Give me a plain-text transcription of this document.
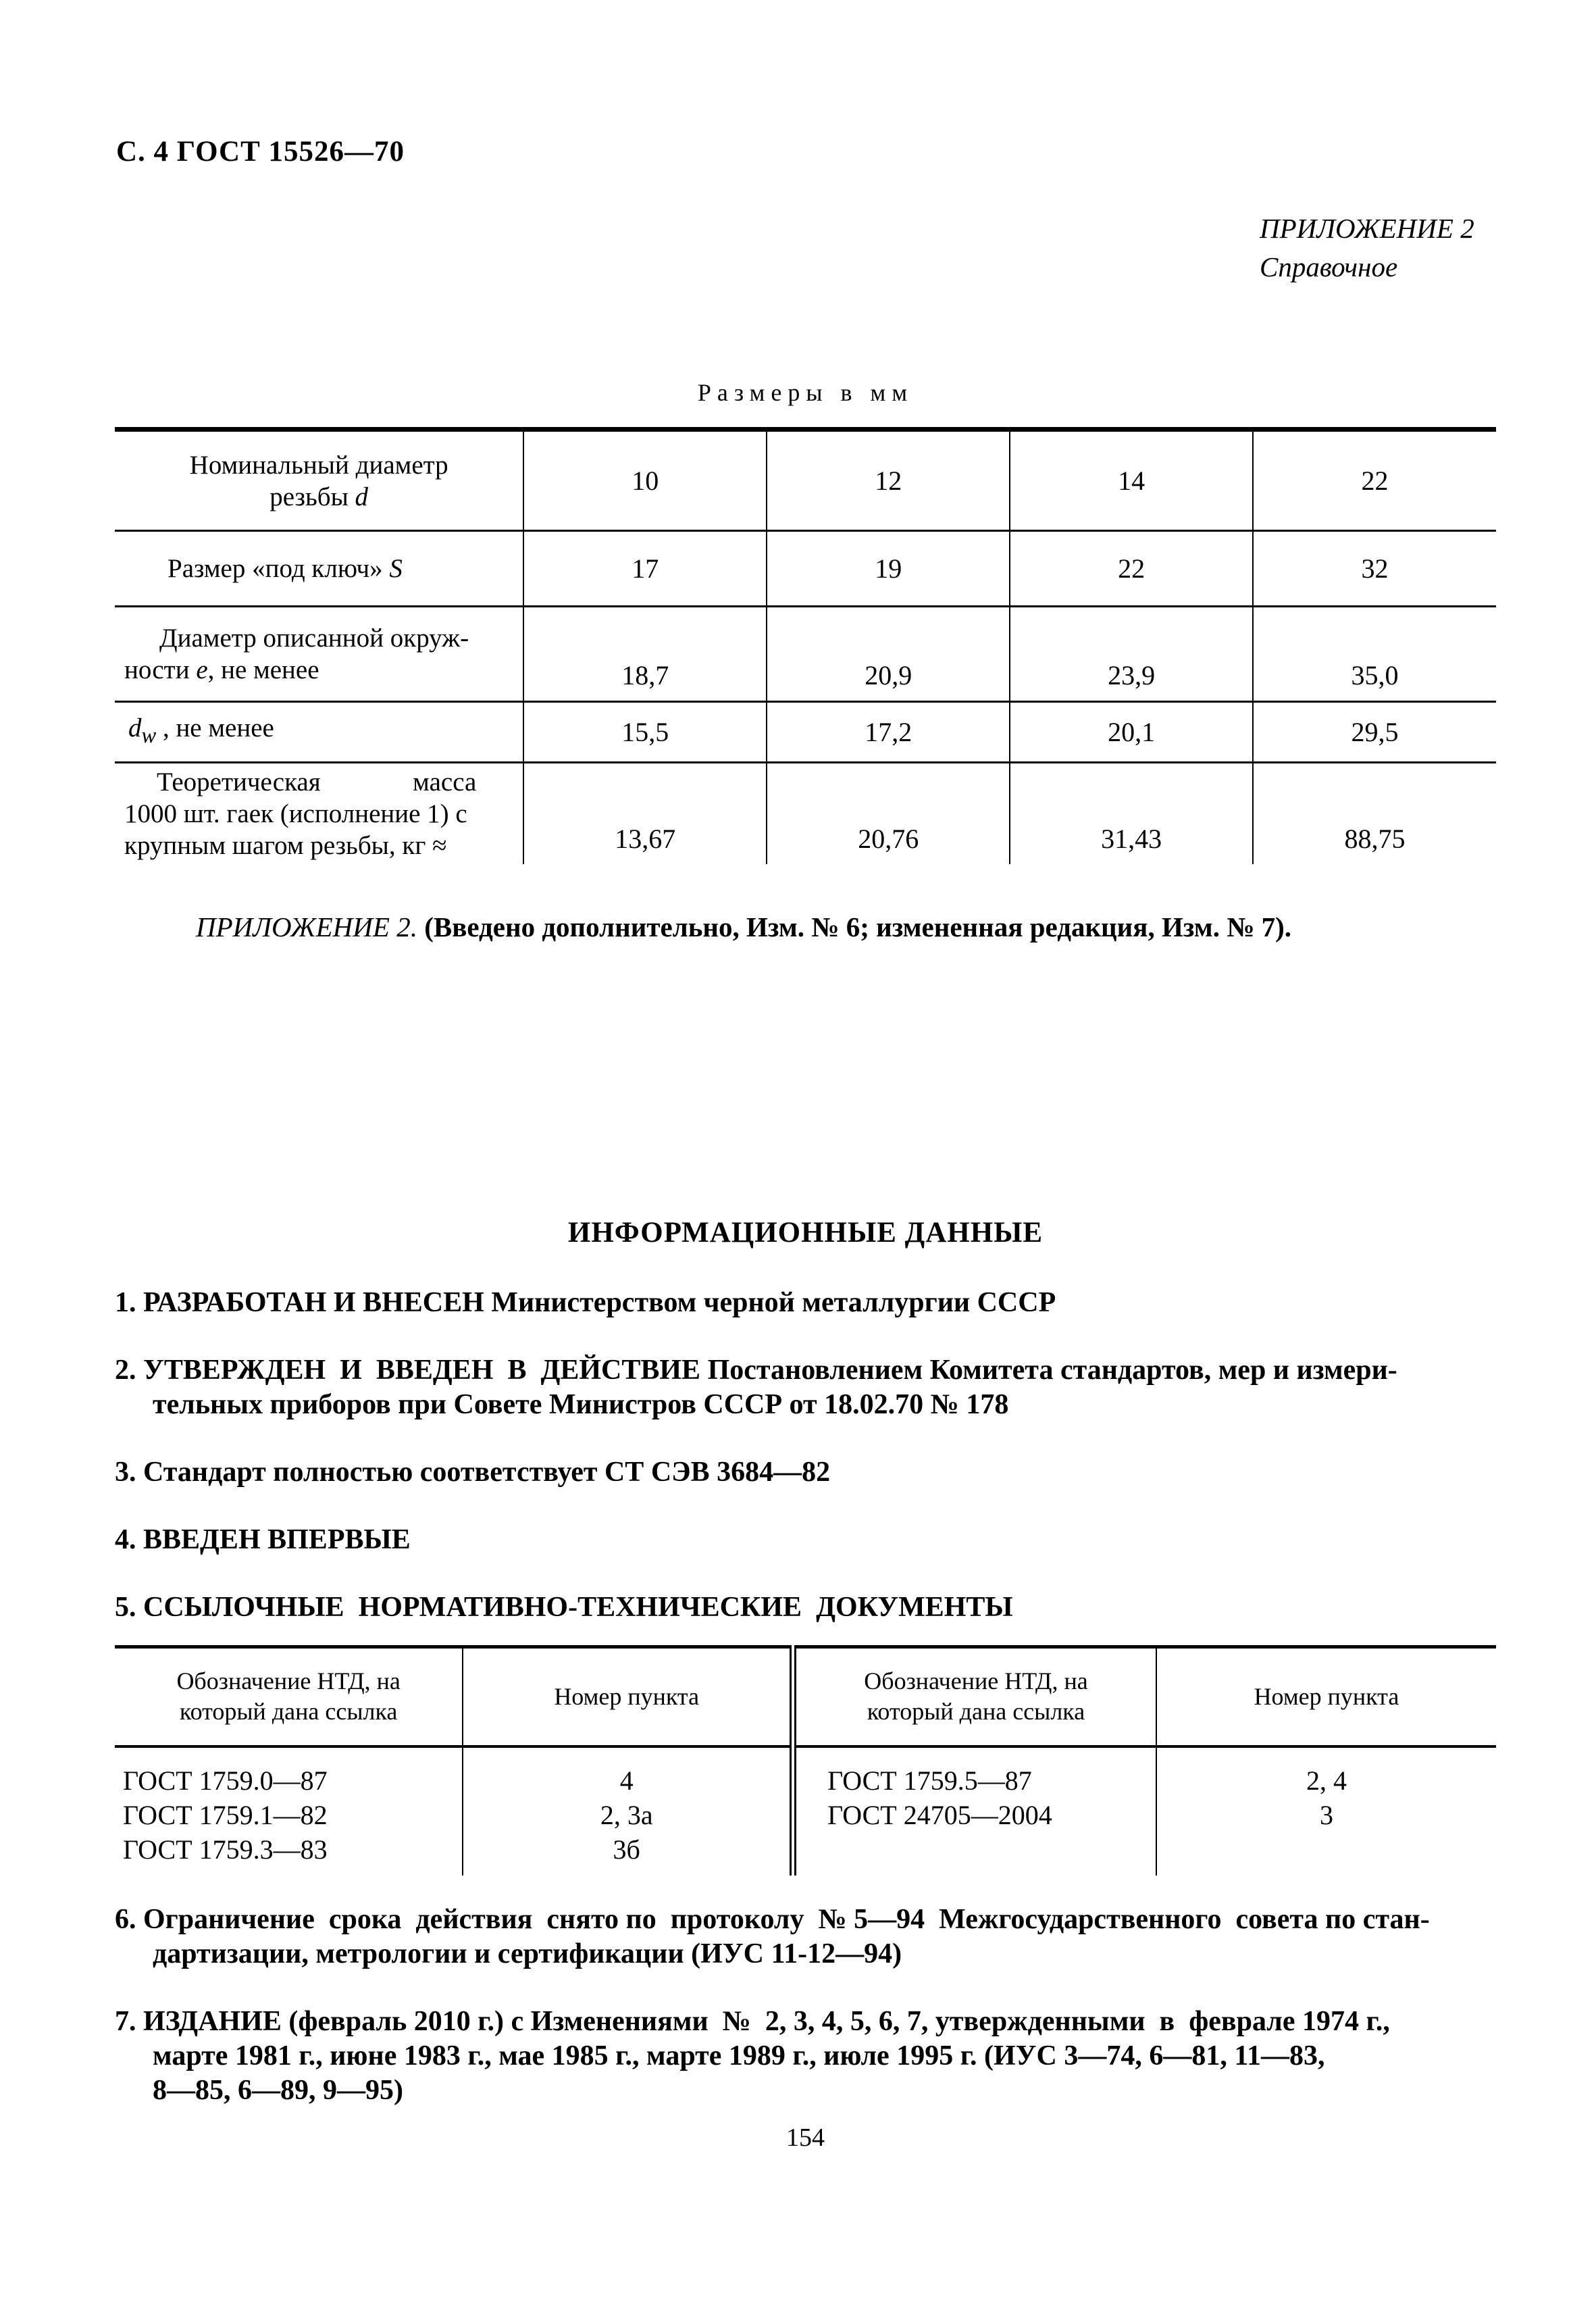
С. 4 ГОСТ 15526—70
ПРИЛОЖЕНИЕ 2
Справочное
Размеры в мм
Номинальный диаметр
резьбы d	10	12	14	22
Размер «под ключ» S	17	19	22	32
Диаметр описанной окруж-
ности e, не менее	18,7	20,9	23,9	35,0
$d_w$ , не менее	15,5	17,2	20,1	29,5
Теоретическая              масса
1000 шт. гаек (исполнение 1) с
крупным шагом резьбы, кг ≈	13,67	20,76	31,43	88,75
ПРИЛОЖЕНИЕ 2. (Введено дополнительно, Изм. № 6; измененная редакция, Изм. № 7).
ИНФОРМАЦИОННЫЕ ДАННЫЕ
1. РАЗРАБОТАН И ВНЕСЕН Министерством черной металлургии СССР
2. УТВЕРЖДЕН  И  ВВЕДЕН  В  ДЕЙСТВИЕ Постановлением Комитета стандартов, мер и измери-
тельных приборов при Совете Министров СССР от 18.02.70 № 178
3. Стандарт полностью соответствует СТ СЭВ 3684—82
4. ВВЕДЕН ВПЕРВЫЕ
5. ССЫЛОЧНЫЕ  НОРМАТИВНО-ТЕХНИЧЕСКИЕ  ДОКУМЕНТЫ
Обозначение НТД, на
который дана ссылка	Номер пункта	Обозначение НТД, на
который дана ссылка	Номер пункта
ГОСТ 1759.0—87	4	ГОСТ 1759.5—87	2, 4
ГОСТ 1759.1—82	2, 3а	ГОСТ 24705—2004	3
ГОСТ 1759.3—83	3б		
6. Ограничение  срока  действия  снято по  протоколу  № 5—94  Межгосударственного  совета по стан-
дартизации, метрологии и сертификации (ИУС 11-12—94)
7. ИЗДАНИЕ (февраль 2010 г.) с Изменениями  №  2, 3, 4, 5, 6, 7, утвержденными  в  феврале 1974 г.,
марте 1981 г., июне 1983 г., мае 1985 г., марте 1989 г., июле 1995 г. (ИУС 3—74, 6—81, 11—83,
8—85, 6—89, 9—95)
154
